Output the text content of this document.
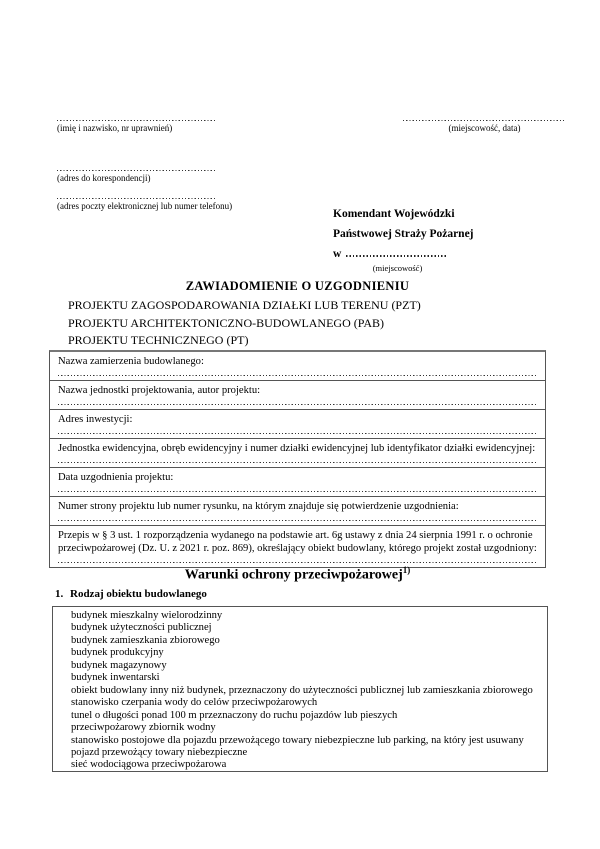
(imię i nazwisko, nr uprawnień)
(adres do korespondencji)
(adres poczty elektronicznej lub numer telefonu)
(miejscowość, data)
Komendant Wojewódzki
Państwowej Straży Pożarnej
w
(miejscowość)
ZAWIADOMIENIE O UZGODNIENIU
PROJEKTU ZAGOSPODAROWANIA DZIAŁKI LUB TERENU (PZT)
PROJEKTU ARCHITEKTONICZNO-BUDOWLANEGO (PAB)
PROJEKTU TECHNICZNEGO (PT)
Nazwa zamierzenia budowlanego:
Nazwa jednostki projektowania, autor projektu:
Adres inwestycji:
Jednostka ewidencyjna, obręb ewidencyjny i numer działki ewidencyjnej lub identyfikator działki ewidencyjnej:
Data uzgodnienia projektu:
Numer strony projektu lub numer rysunku, na którym znajduje się potwierdzenie uzgodnienia:
Przepis w § 3 ust. 1 rozporządzenia wydanego na podstawie art. 6g ustawy z dnia 24 sierpnia 1991 r. o ochronie przeciwpożarowej (Dz. U. z 2021 r. poz. 869), określający obiekt budowlany, którego projekt został uzgodniony:
Warunki ochrony przeciwpożarowej$^{1)}$
1. Rodzaj obiektu budowlanego
budynek mieszkalny wielorodzinny
budynek użyteczności publicznej
budynek zamieszkania zbiorowego
budynek produkcyjny
budynek magazynowy
budynek inwentarski
obiekt budowlany inny niż budynek, przeznaczony do użyteczności publicznej lub zamieszkania zbiorowego
stanowisko czerpania wody do celów przeciwpożarowych
tunel o długości ponad 100 m przeznaczony do ruchu pojazdów lub pieszych
przeciwpożarowy zbiornik wodny
stanowisko postojowe dla pojazdu przewożącego towary niebezpieczne lub parking, na który jest usuwany pojazd przewożący towary niebezpieczne
sieć wodociągowa przeciwpożarowa
